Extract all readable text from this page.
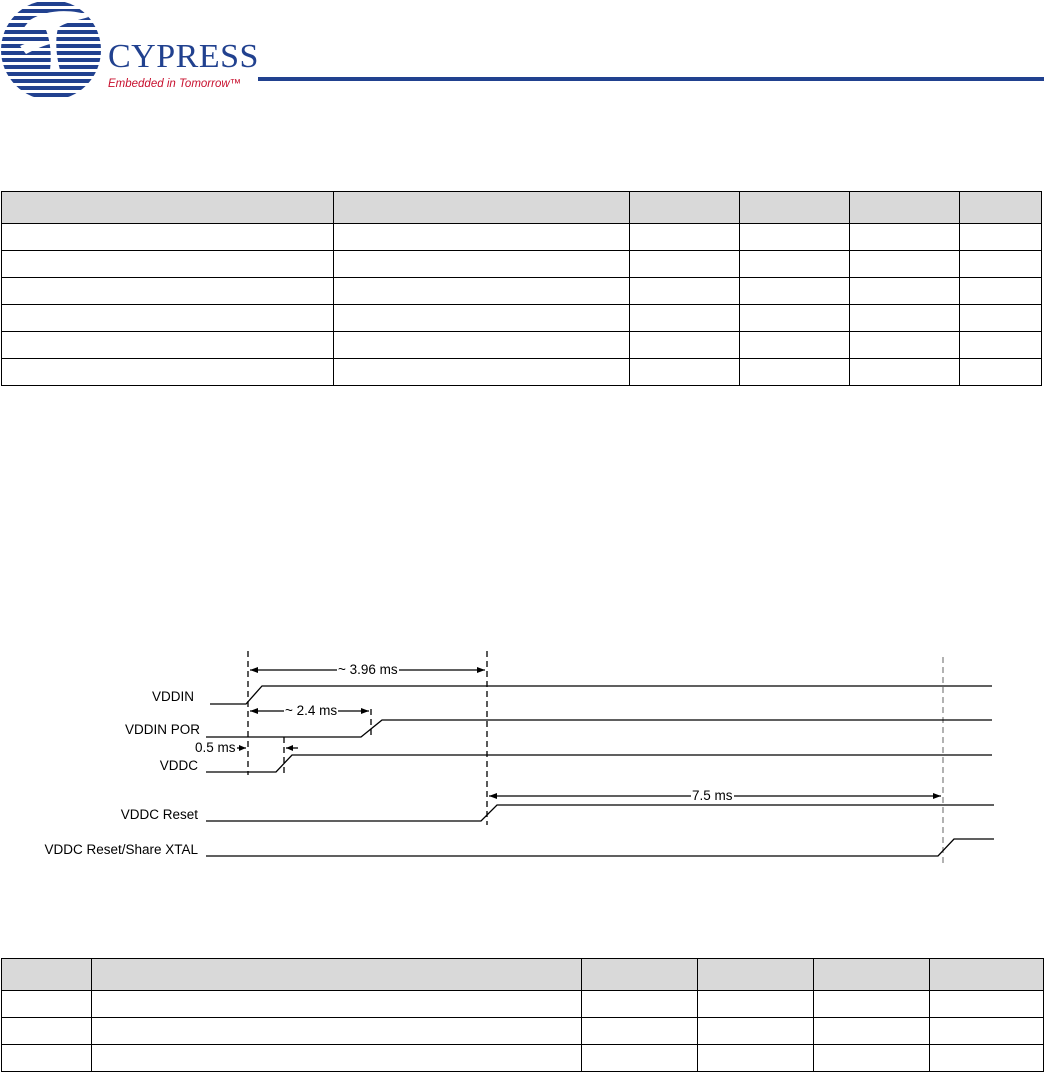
CYPRESS
Embedded in Tomorrow™

VDDIN
VDDIN POR
VDDC
VDDC Reset
VDDC Reset/Share XTAL
~ 3.96 ms
~ 2.4 ms
0.5 ms
7.5 ms
